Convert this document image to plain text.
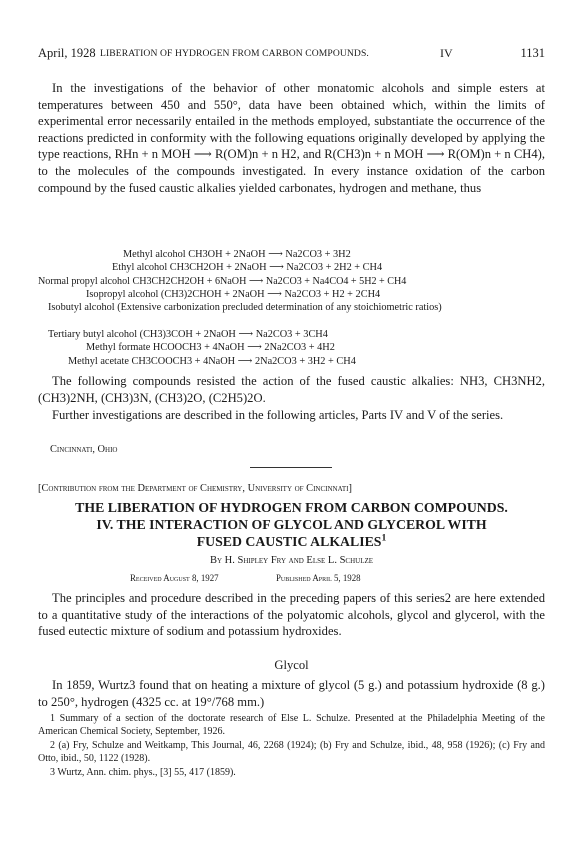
April, 1928 LIBERATION OF HYDROGEN FROM CARBON COMPOUNDS.	IV	1131

In the investigations of the behavior of other monatomic alcohols and simple esters at temperatures between 450 and 550°, data have been obtained which, within the limits of experimental error necessarily entailed in the methods employed, substantiate the occurrence of the reactions predicted in conformity with the following equations originally developed by applying the type reactions, RHn + n MOH ⟶ R(OM)n + n H2, and R(CH3)n + n MOH ⟶ R(OM)n + n CH4), to the molecules of the compounds investigated. In every instance oxidation of the carbon compound by the fused caustic alkalies yielded carbonates, hydrogen and methane, thus

Methyl alcohol CH3OH + 2NaOH ⟶ Na2CO3 + 3H2
Ethyl alcohol CH3CH2OH + 2NaOH ⟶ Na2CO3 + 2H2 + CH4
Normal propyl alcohol CH3CH2CH2OH + 6NaOH ⟶ Na2CO3 + Na4CO4 + 5H2 + CH4
Isopropyl alcohol (CH3)2CHOH + 2NaOH ⟶ Na2CO3 + H2 + 2CH4
Isobutyl alcohol (Extensive carbonization precluded determination of any stoichiometric ratios)
Tertiary butyl alcohol (CH3)3COH + 2NaOH ⟶ Na2CO3 + 3CH4
Methyl formate HCOOCH3 + 4NaOH ⟶ 2Na2CO3 + 4H2
Methyl acetate CH3COOCH3 + 4NaOH ⟶ 2Na2CO3 + 3H2 + CH4

The following compounds resisted the action of the fused caustic alkalies: NH3, CH3NH2, (CH3)2NH, (CH3)3N, (CH3)2O, (C2H5)2O.

Further investigations are described in the following articles, Parts IV and V of the series.

Cincinnati, Ohio
[Contribution from the Department of Chemistry, University of Cincinnati]
THE LIBERATION OF HYDROGEN FROM CARBON COMPOUNDS.
IV. THE INTERACTION OF GLYCOL AND GLYCEROL WITH
FUSED CAUSTIC ALKALIES$^1$
By H. Shipley Fry and Else L. Schulze
Received August 8, 1927	Published April 5, 1928

The principles and procedure described in the preceding papers of this series2 are here extended to a quantitative study of the interactions of the polyatomic alcohols, glycol and glycerol, with the fused eutectic mixture of sodium and potassium hydroxides.

Glycol

In 1859, Wurtz3 found that on heating a mixture of glycol (5 g.) and potassium hydroxide (8 g.) to 250°, hydrogen (4325 cc. at 19°/768 mm.)

1 Summary of a section of the doctorate research of Else L. Schulze. Presented at the Philadelphia Meeting of the American Chemical Society, September, 1926.
2 (a) Fry, Schulze and Weitkamp, This Journal, 46, 2268 (1924); (b) Fry and Schulze, ibid., 48, 958 (1926); (c) Fry and Otto, ibid., 50, 1122 (1928).
3 Wurtz, Ann. chim. phys., [3] 55, 417 (1859).
